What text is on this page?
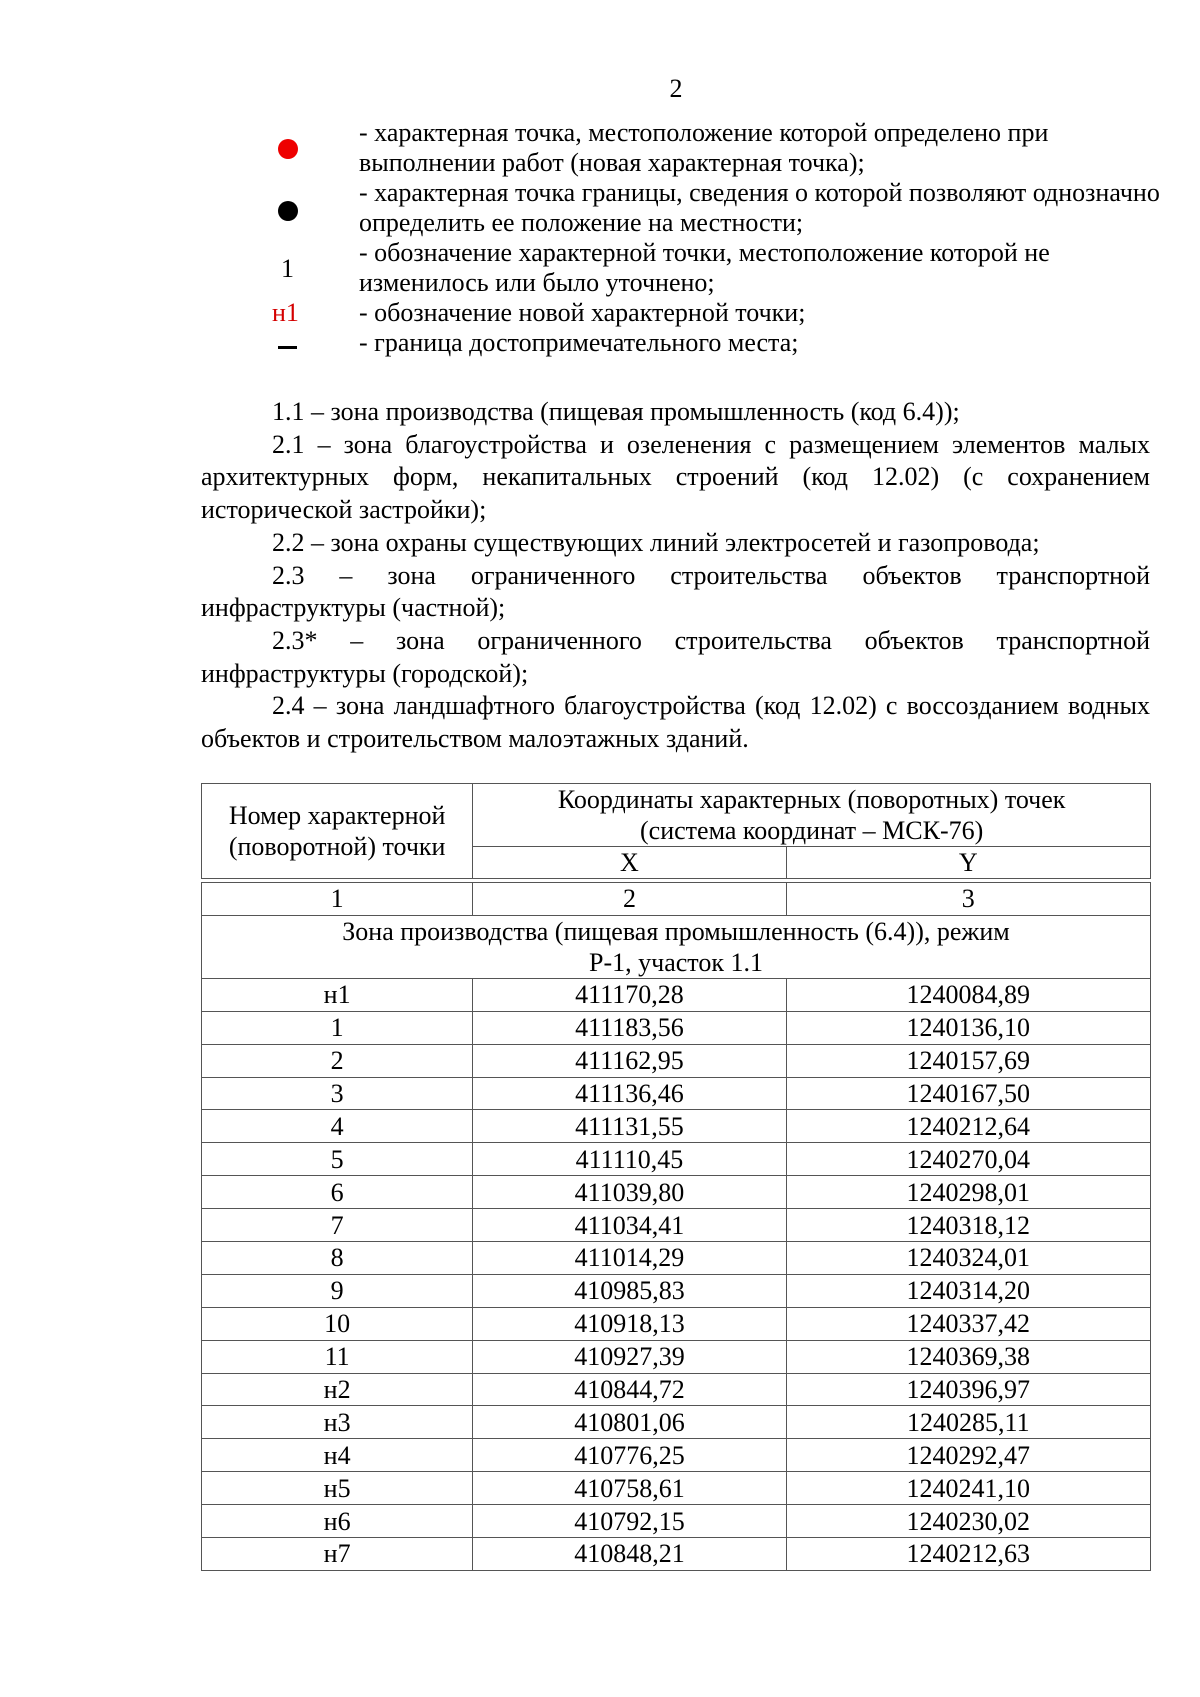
2
- характерная точка, местоположение которой определено при выполнении работ (новая характерная точка);
- характерная точка границы, сведения о которой позволяют однозначно определить ее положение на местности;
1
- обозначение характерной точки, местоположение которой не изменилось или было уточнено;
н1 - обозначение новой характерной точки;
- граница достопримечательного места;

1.1 – зона производства (пищевая промышленность (код 6.4));

2.1 – зона благоустройства и озеленения с размещением элементов малых архитектурных форм, некапитальных строений (код 12.02) (с сохранением исторической застройки);

2.2 – зона охраны существующих линий электросетей и газопровода;

2.3 – зона ограниченного строительства объектов транспортной инфраструктуры (частной);

2.3* – зона ограниченного строительства объектов транспортной инфраструктуры (городской);

2.4 – зона ландшафтного благоустройства (код 12.02) с воссозданием водных объектов и строительством малоэтажных зданий.

Номер характерной (поворотной) точки	Координаты характерных (поворотных) точек (система координат – МСК-76)	
	X	Y

1	2	3
Зона производства (пищевая промышленность (6.4)), режим Р-1, участок 1.1		
н1	411170,28	1240084,89
1	411183,56	1240136,10
2	411162,95	1240157,69
3	411136,46	1240167,50
4	411131,55	1240212,64
5	411110,45	1240270,04
6	411039,80	1240298,01
7	411034,41	1240318,12
8	411014,29	1240324,01
9	410985,83	1240314,20
10	410918,13	1240337,42
11	410927,39	1240369,38
н2	410844,72	1240396,97
н3	410801,06	1240285,11
н4	410776,25	1240292,47
н5	410758,61	1240241,10
н6	410792,15	1240230,02
н7	410848,21	1240212,63
